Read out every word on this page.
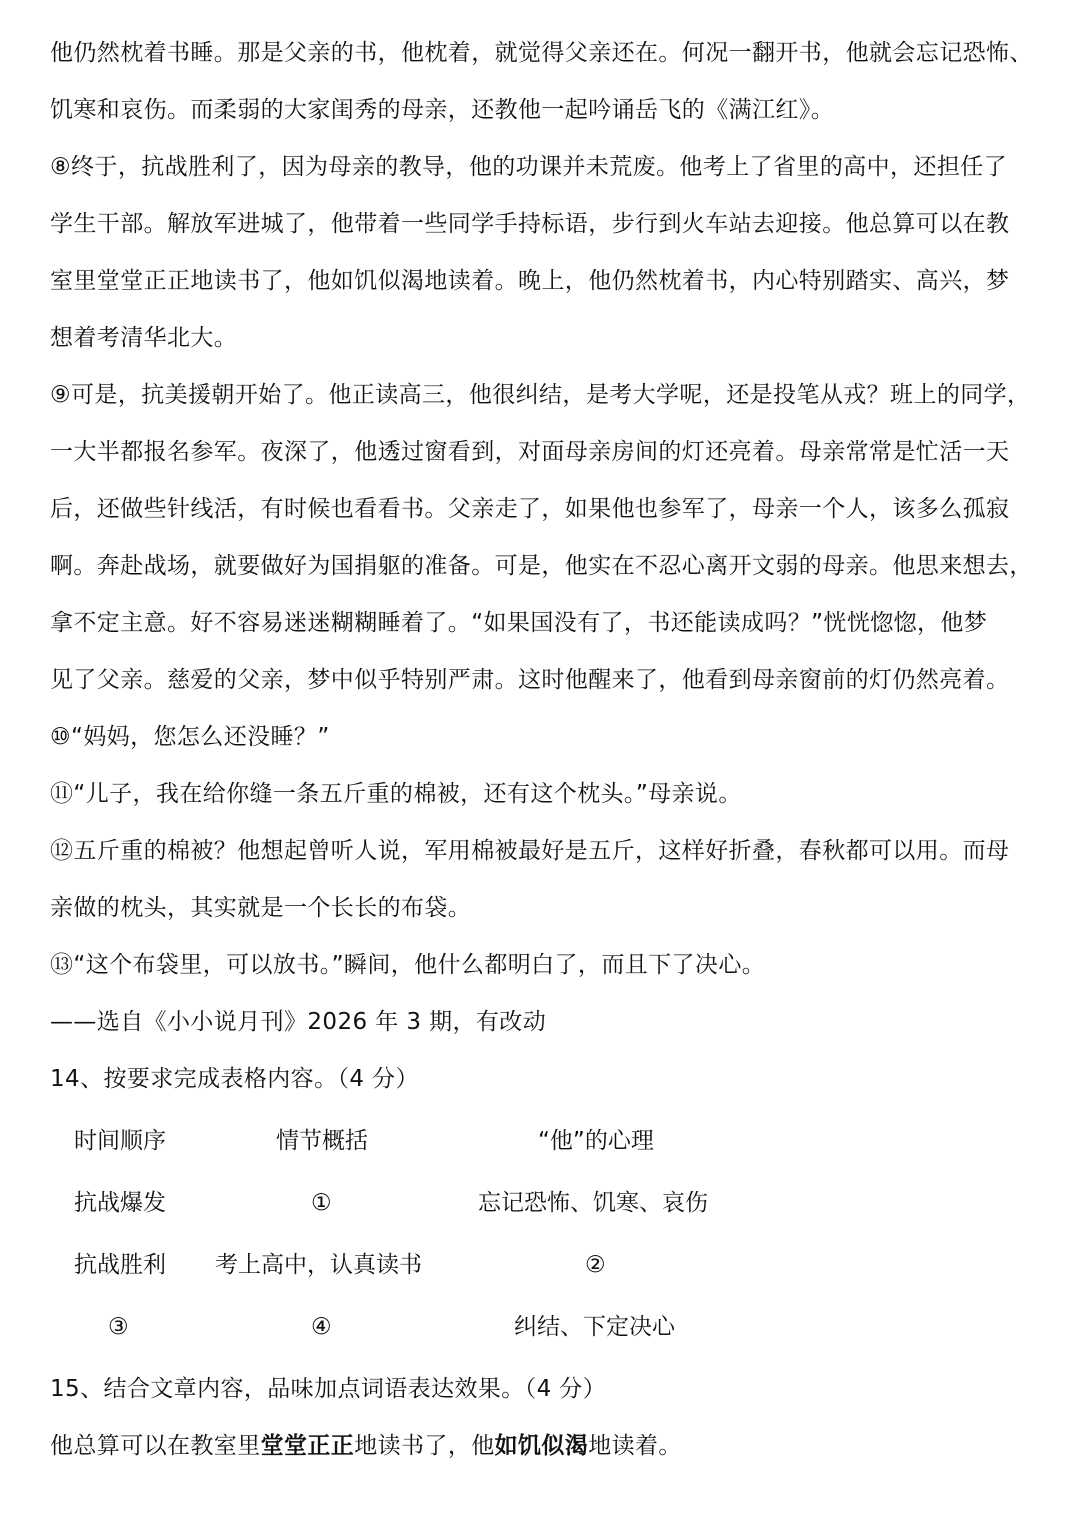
他仍然枕着书睡。那是父亲的书，他枕着，就觉得父亲还在。何况一翻开书，他就会忘记恐怖、
饥寒和哀伤。而柔弱的大家闺秀的母亲，还教他一起吟诵岳飞的《满江红》。
⑧终于，抗战胜利了，因为母亲的教导，他的功课并未荒废。他考上了省里的高中，还担任了
学生干部。解放军进城了，他带着一些同学手持标语，步行到火车站去迎接。他总算可以在教
室里堂堂正正地读书了，他如饥似渴地读着。晚上，他仍然枕着书，内心特别踏实、高兴，梦
想着考清华北大。
⑨可是，抗美援朝开始了。他正读高三，他很纠结，是考大学呢，还是投笔从戎？班上的同学，
一大半都报名参军。夜深了，他透过窗看到，对面母亲房间的灯还亮着。母亲常常是忙活一天
后，还做些针线活，有时候也看看书。父亲走了，如果他也参军了，母亲一个人，该多么孤寂
啊。奔赴战场，就要做好为国捐躯的准备。可是，他实在不忍心离开文弱的母亲。他思来想去，
拿不定主意。好不容易迷迷糊糊睡着了。“如果国没有了，书还能读成吗？”恍恍惚惚，他梦
见了父亲。慈爱的父亲，梦中似乎特别严肃。这时他醒来了，他看到母亲窗前的灯仍然亮着。
⑩“妈妈，您怎么还没睡？”
⑪“儿子，我在给你缝一条五斤重的棉被，还有这个枕头。”母亲说。
⑫五斤重的棉被？他想起曾听人说，军用棉被最好是五斤，这样好折叠，春秋都可以用。而母
亲做的枕头，其实就是一个长长的布袋。
⑬“这个布袋里，可以放书。”瞬间，他什么都明白了，而且下了决心。
——选自《小小说月刊》2026 年 3 期，有改动
14、按要求完成表格内容。（4 分）
时间顺序	情节概括	“他”的心理
抗战爆发	①	忘记恐怖、饥寒、哀伤
抗战胜利 考上高中，认真读书	②
③	④	纠结、下定决心
15、结合文章内容，品味加点词语表达效果。（4 分）
他总算可以在教室里堂堂正正地读书了，他如饥似渴地读着。
